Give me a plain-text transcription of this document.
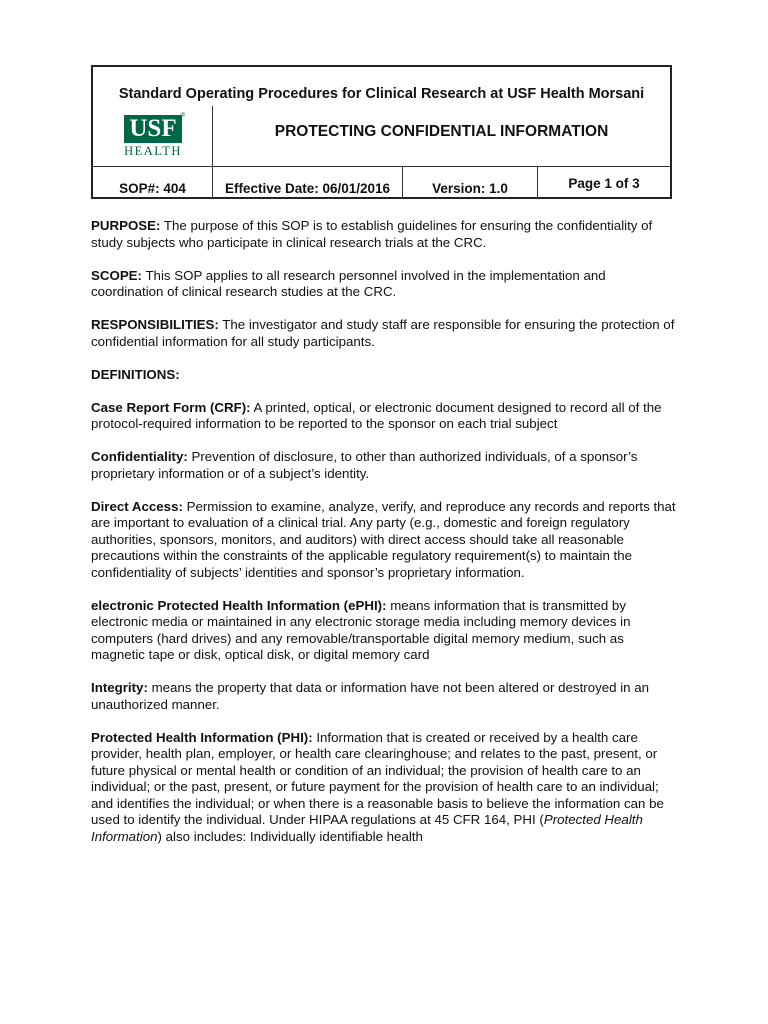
Standard Operating Procedures for Clinical Research at USF Health Morsani
USF ®
HEALTH
PROTECTING CONFIDENTIAL INFORMATION
SOP#: 404	Effective Date: 06/01/2016	Version: 1.0	Page 1 of 3

PURPOSE: The purpose of this SOP is to establish guidelines for ensuring the confidentiality of study subjects who participate in clinical research trials at the CRC.

SCOPE: This SOP applies to all research personnel involved in the implementation and coordination of clinical research studies at the CRC.

RESPONSIBILITIES: The investigator and study staff are responsible for ensuring the protection of confidential information for all study participants.

DEFINITIONS:

Case Report Form (CRF): A printed, optical, or electronic document designed to record all of the protocol-required information to be reported to the sponsor on each trial subject

Confidentiality: Prevention of disclosure, to other than authorized individuals, of a sponsor’s proprietary information or of a subject’s identity.

Direct Access: Permission to examine, analyze, verify, and reproduce any records and reports that are important to evaluation of a clinical trial. Any party (e.g., domestic and foreign regulatory authorities, sponsors, monitors, and auditors) with direct access should take all reasonable precautions within the constraints of the applicable regulatory requirement(s) to maintain the confidentiality of subjects’ identities and sponsor’s proprietary information.

electronic Protected Health Information (ePHI): means information that is transmitted by electronic media or maintained in any electronic storage media including memory devices in computers (hard drives) and any removable/transportable digital memory medium, such as magnetic tape or disk, optical disk, or digital memory card

Integrity: means the property that data or information have not been altered or destroyed in an unauthorized manner.

Protected Health Information (PHI): Information that is created or received by a health care provider, health plan, employer, or health care clearinghouse; and relates to the past, present, or future physical or mental health or condition of an individual; the provision of health care to an individual; or the past, present, or future payment for the provision of health care to an individual; and identifies the individual; or when there is a reasonable basis to believe the information can be used to identify the individual. Under HIPAA regulations at 45 CFR 164, PHI (Protected Health Information) also includes: Individually identifiable health
